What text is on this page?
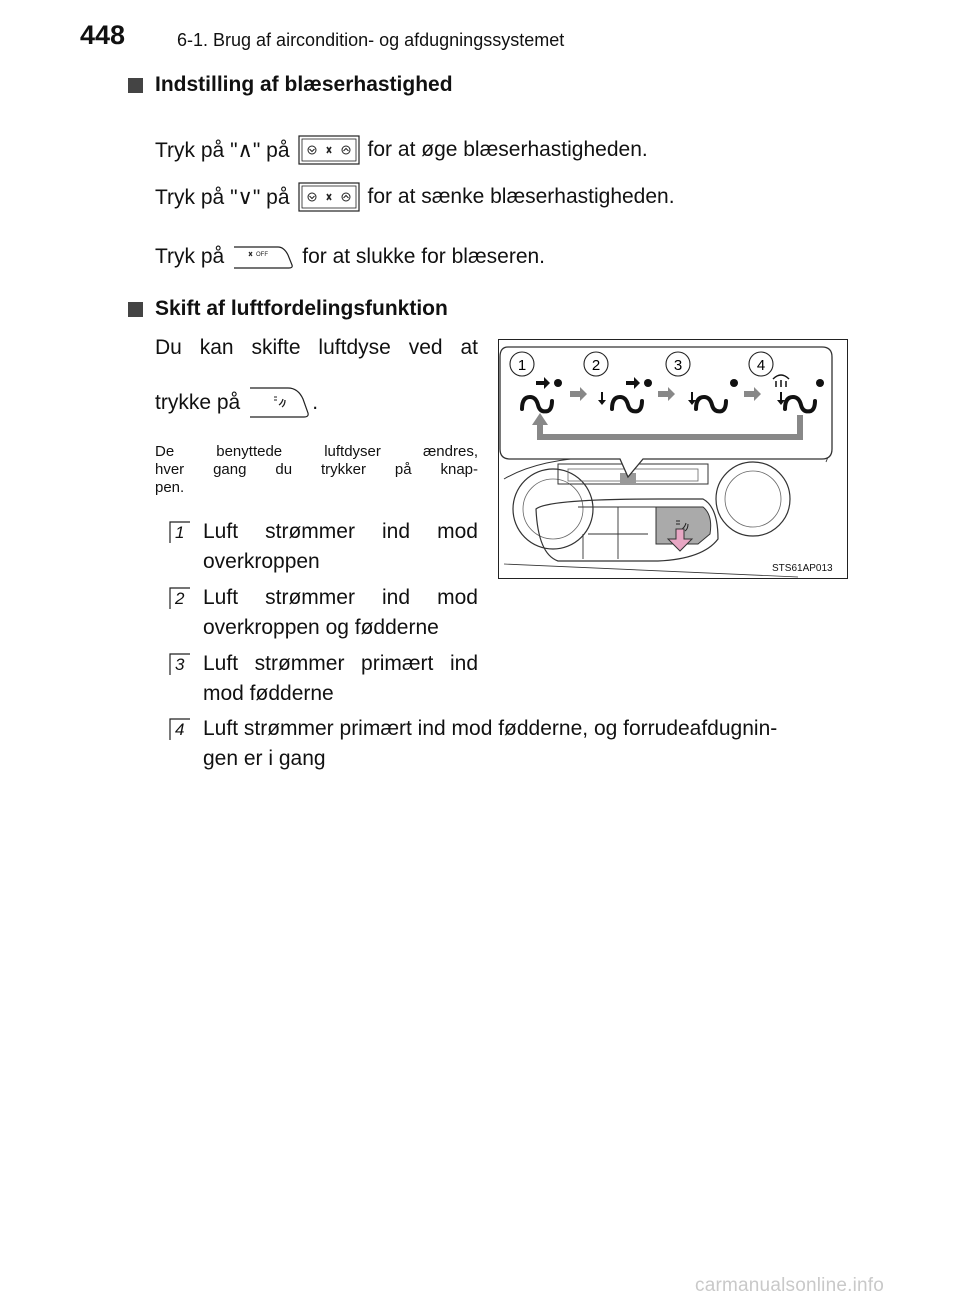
448	6-1. Brug af aircondition- og afdugningssystemet
Indstilling af blæserhastighed
Tryk på "∧" på	for at øge blæserhastigheden.
Tryk på "∨" på	for at sænke blæserhastigheden.
Tryk på	OFF for at slukke for blæseren.
Skift af luftfordelingsfunktion
Du kan skifte luftdyse ved at
trykke på	.
De benyttede luftdyser ændres,
hver gang du trykker på knap-
pen.
1 Luft strømmer ind mod
overkroppen
2 Luft strømmer ind mod
overkroppen og fødderne
3 Luft strømmer primært ind
mod fødderne
4 Luft strømmer primært ind mod fødderne, og forrudeafdugnin-
gen er i gang
1	2	3	4
STS61AP013
carmanualsonline.info
